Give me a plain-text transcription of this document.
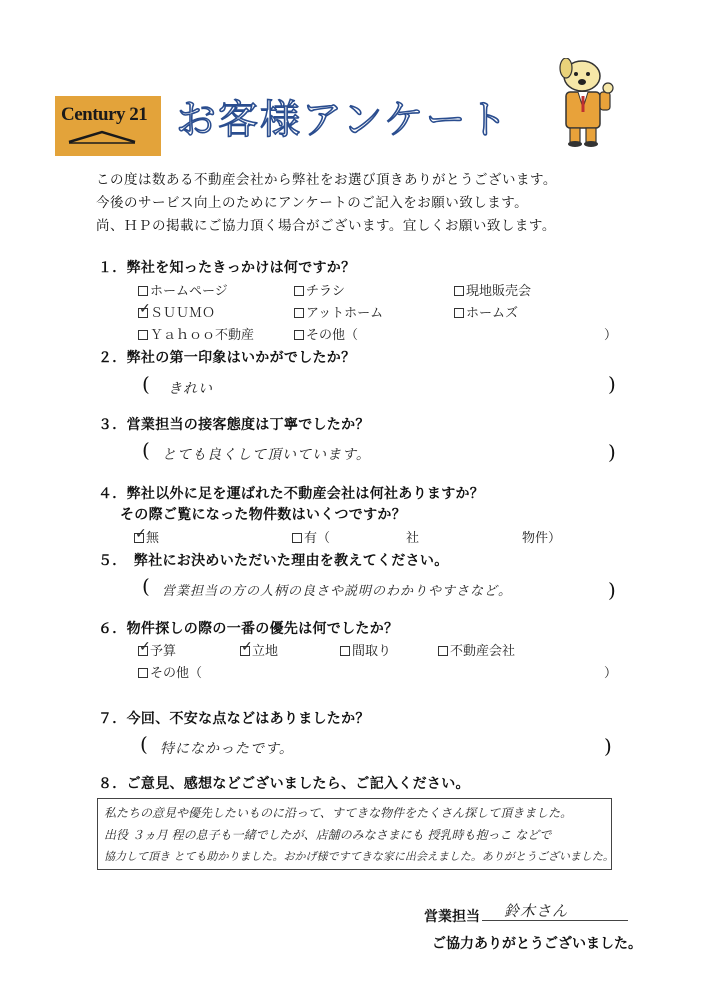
Century 21 お客様アンケート
この度は数ある不動産会社から弊社をお選び頂きありがとうございます。
今後のサービス向上のためにアンケートのご記入をお願い致します。
尚、ＨＰの掲載にご協力頂く場合がございます。宜しくお願い致します。
１．弊社を知ったきっかけは何ですか？
ホームページ	チラシ	現地販売会
✓ＳＵＵＭＯ	アットホーム	ホームズ
Ｙａｈｏｏ不動産	その他（	）
２．弊社の第一印象はいかがでしたか？
( きれい	)
３．営業担当の接客態度は丁寧でしたか？
( とても良くして頂いています。	)
４．弊社以外に足を運ばれた不動産会社は何社ありますか？
その際ご覧になった物件数はいくつですか？
✓無	有（	社	物件）
５．　弊社にお決めいただいた理由を教えてください。
( 営業担当の方の人柄の良さや説明のわかりやすさなど。	)
６．物件探しの際の一番の優先は何でしたか？
✓予算
✓	立地	間取り	不動産会社
その他（	）
７．今回、不安な点などはありましたか？
( 特になかったです。	)
８．ご意見、感想などございましたら、ご記入ください。
私たちの意見や優先したいものに沿って、すてきな物件をたくさん探して頂きました。
出役 ３ヵ月 程の息子も一緒でしたが、店舗のみなさまにも 授乳時も抱っこ などで
協力して頂き とても助かりました。おかげ様ですてきな家に出会えました。ありがとうございました。
営業担当 鈴木さん
ご協力ありがとうございました。
